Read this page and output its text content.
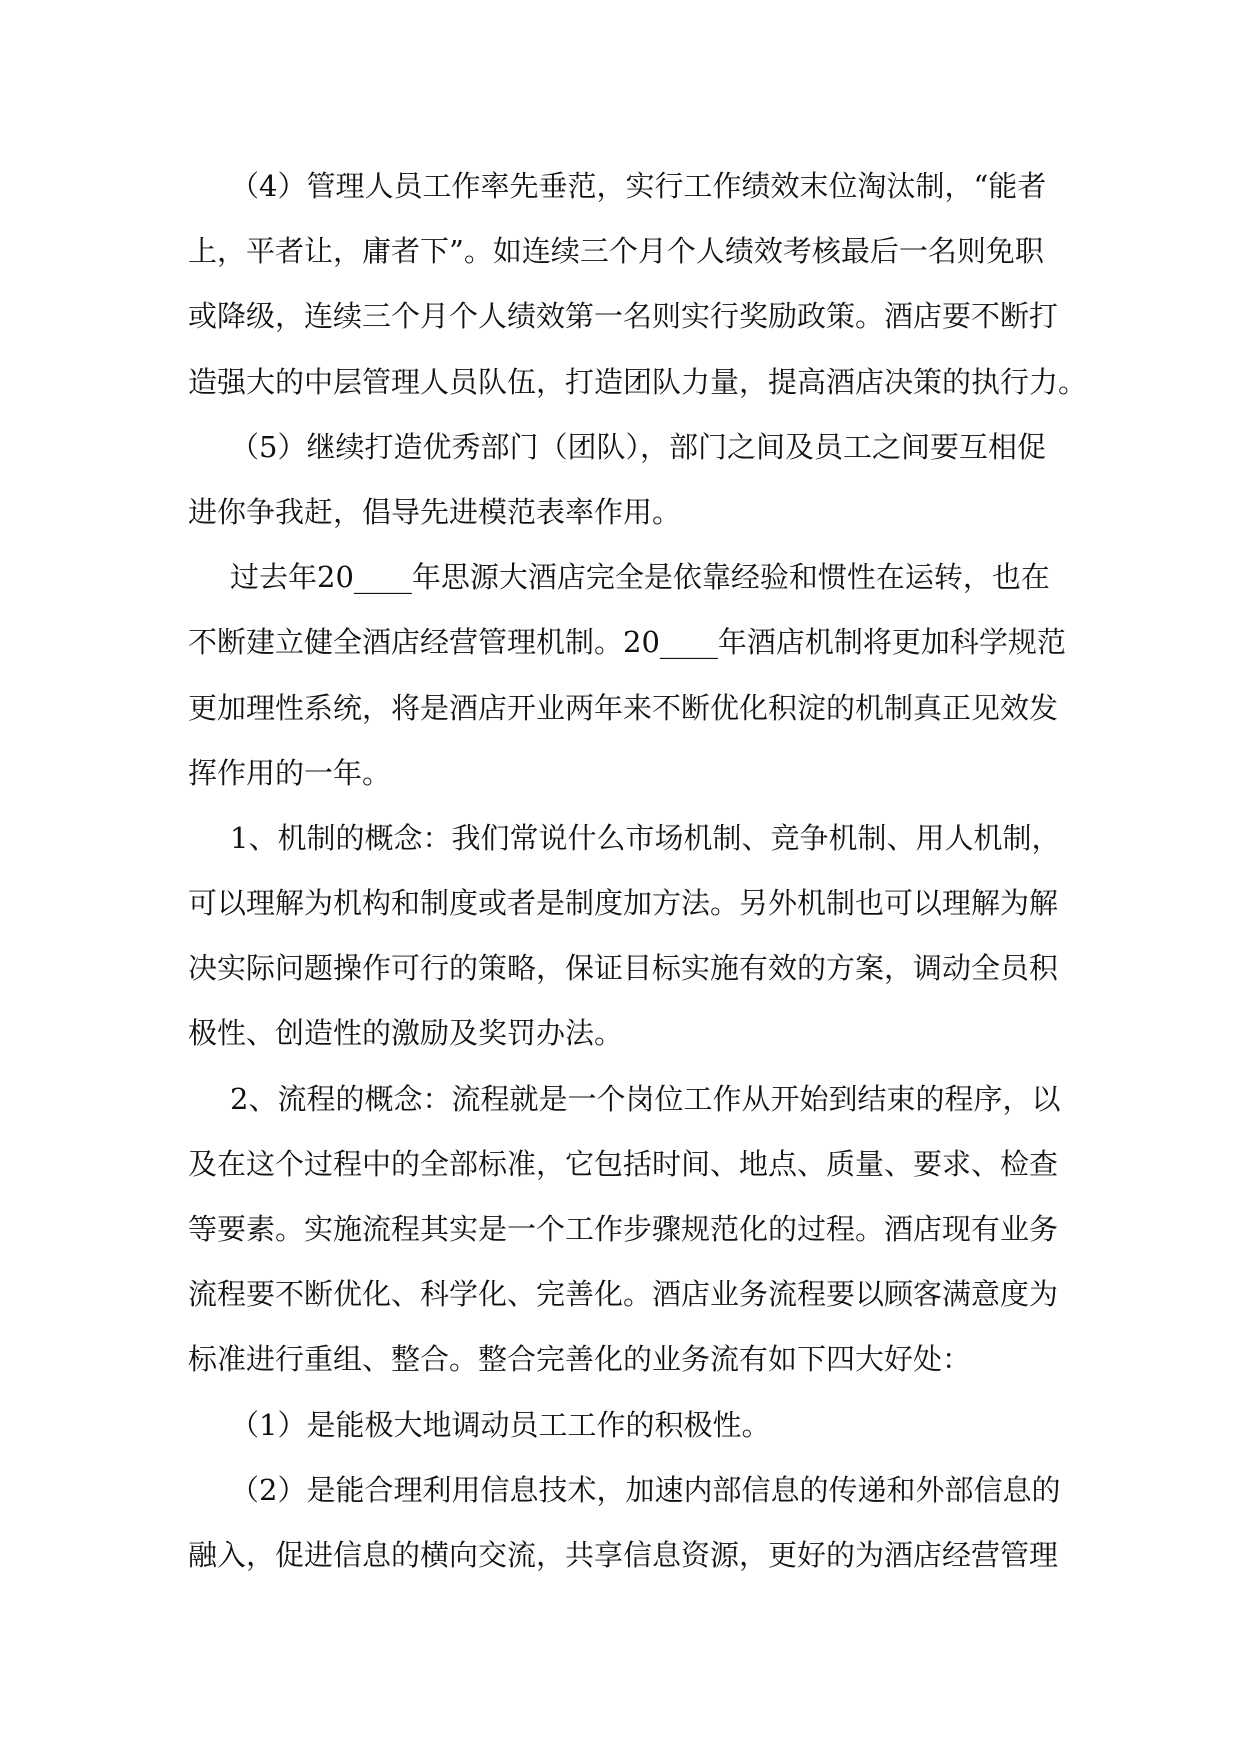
（4）管理人员工作率先垂范，实行工作绩效末位淘汰制，“能者
上，平者让，庸者下”。如连续三个月个人绩效考核最后一名则免职
或降级，连续三个月个人绩效第一名则实行奖励政策。酒店要不断打
造强大的中层管理人员队伍，打造团队力量，提高酒店决策的执行力。
（5）继续打造优秀部门（团队），部门之间及员工之间要互相促
进你争我赶，倡导先进模范表率作用。
过去年20____年思源大酒店完全是依靠经验和惯性在运转，也在
不断建立健全酒店经营管理机制。20____年酒店机制将更加科学规范
更加理性系统，将是酒店开业两年来不断优化积淀的机制真正见效发
挥作用的一年。
1、机制的概念：我们常说什么市场机制、竞争机制、用人机制，
可以理解为机构和制度或者是制度加方法。另外机制也可以理解为解
决实际问题操作可行的策略，保证目标实施有效的方案，调动全员积
极性、创造性的激励及奖罚办法。
2、流程的概念：流程就是一个岗位工作从开始到结束的程序，以
及在这个过程中的全部标准，它包括时间、地点、质量、要求、检查
等要素。实施流程其实是一个工作步骤规范化的过程。酒店现有业务
流程要不断优化、科学化、完善化。酒店业务流程要以顾客满意度为
标准进行重组、整合。整合完善化的业务流有如下四大好处：
（1）是能极大地调动员工工作的积极性。
（2）是能合理利用信息技术，加速内部信息的传递和外部信息的
融入，促进信息的横向交流，共享信息资源，更好的为酒店经营管理
